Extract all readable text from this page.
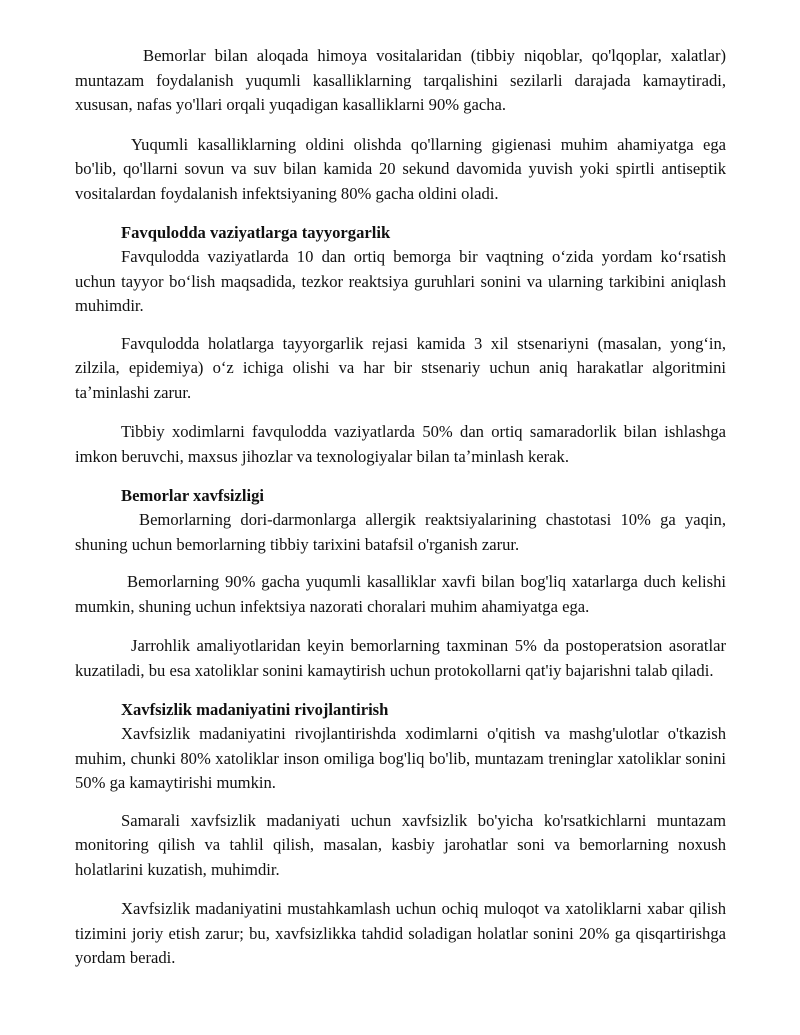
Bemorlar bilan aloqada himoya vositalaridan (tibbiy niqoblar, qo'lqoplar, xalatlar) muntazam foydalanish yuqumli kasalliklarning tarqalishini sezilarli darajada kamaytiradi, xususan, nafas yo'llari orqali yuqadigan kasalliklarni 90% gacha.

Yuqumli kasalliklarning oldini olishda qo'llarning gigienasi muhim ahamiyatga ega bo'lib, qo'llarni sovun va suv bilan kamida 20 sekund davomida yuvish yoki spirtli antiseptik vositalardan foydalanish infektsiyaning 80% gacha oldini oladi.

Favqulodda vaziyatlarga tayyorgarlik

Favqulodda vaziyatlarda 10 dan ortiq bemorga bir vaqtning oʻzida yordam koʻrsatish uchun tayyor boʻlish maqsadida, tezkor reaktsiya guruhlari sonini va ularning tarkibini aniqlash muhimdir.

Favqulodda holatlarga tayyorgarlik rejasi kamida 3 xil stsenariyni (masalan, yongʻin, zilzila, epidemiya) oʻz ichiga olishi va har bir stsenariy uchun aniq harakatlar algoritmini taʼminlashi zarur.

Tibbiy xodimlarni favqulodda vaziyatlarda 50% dan ortiq samaradorlik bilan ishlashga imkon beruvchi, maxsus jihozlar va texnologiyalar bilan taʼminlash kerak.

Bemorlar xavfsizligi

Bemorlarning dori-darmonlarga allergik reaktsiyalarining chastotasi 10% ga yaqin, shuning uchun bemorlarning tibbiy tarixini batafsil o'rganish zarur.

Bemorlarning 90% gacha yuqumli kasalliklar xavfi bilan bog'liq xatarlarga duch kelishi mumkin, shuning uchun infektsiya nazorati choralari muhim ahamiyatga ega.

Jarrohlik amaliyotlaridan keyin bemorlarning taxminan 5% da postoperatsion asoratlar kuzatiladi, bu esa xatoliklar sonini kamaytirish uchun protokollarni qat'iy bajarishni talab qiladi.

Xavfsizlik madaniyatini rivojlantirish

Xavfsizlik madaniyatini rivojlantirishda xodimlarni o'qitish va mashg'ulotlar o'tkazish muhim, chunki 80% xatoliklar inson omiliga bog'liq bo'lib, muntazam treninglar xatoliklar sonini 50% ga kamaytirishi mumkin.

Samarali xavfsizlik madaniyati uchun xavfsizlik bo'yicha ko'rsatkichlarni muntazam monitoring qilish va tahlil qilish, masalan, kasbiy jarohatlar soni va bemorlarning noxush holatlarini kuzatish, muhimdir.

Xavfsizlik madaniyatini mustahkamlash uchun ochiq muloqot va xatoliklarni xabar qilish tizimini joriy etish zarur; bu, xavfsizlikka tahdid soladigan holatlar sonini 20% ga qisqartirishga yordam beradi.
